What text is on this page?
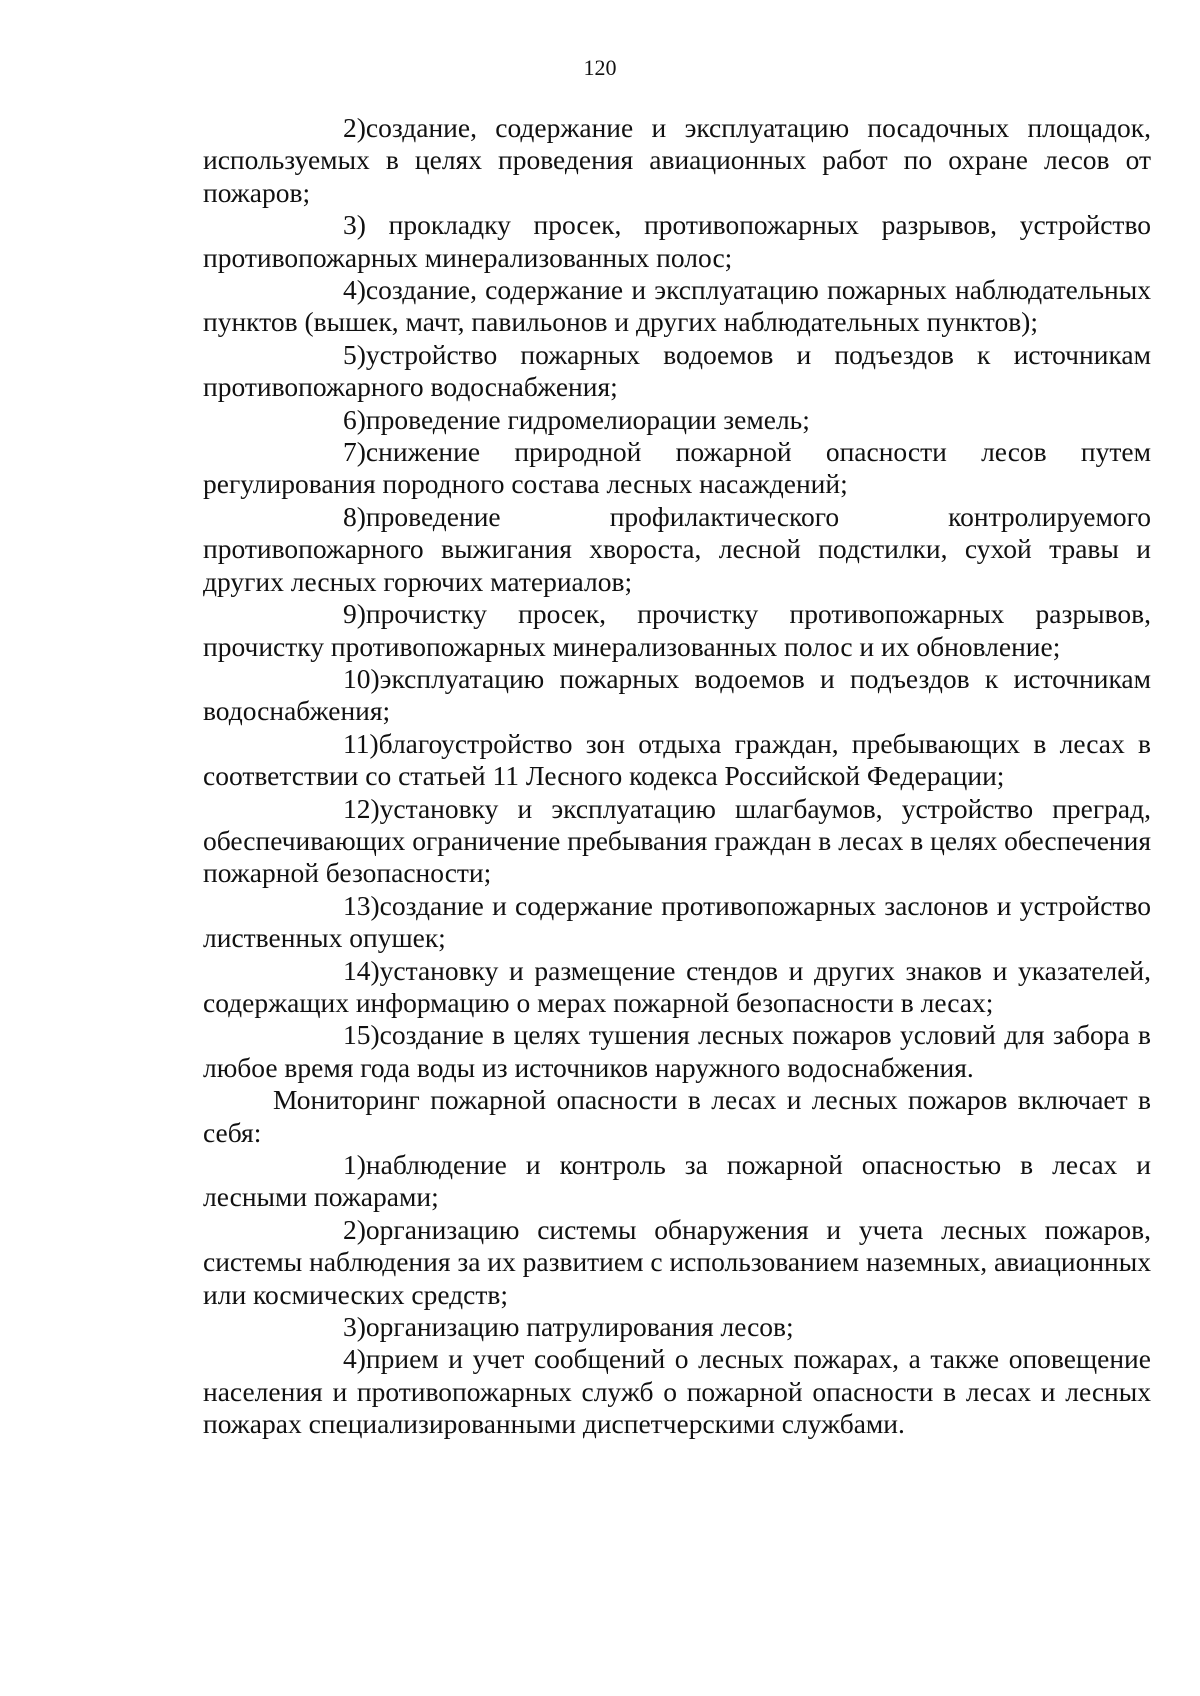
120

2)создание, содержание и эксплуатацию посадочных площадок, используемых в целях проведения авиационных работ по охране лесов от пожаров;

3) прокладку просек, противопожарных разрывов, устройство противопожарных минерализованных полос;

4)создание, содержание и эксплуатацию пожарных наблюдательных пунктов (вышек, мачт, павильонов и других наблюдательных пунктов);

5)устройство пожарных водоемов и подъездов к источникам противопожарного водоснабжения;

6)проведение гидромелиорации земель;

7)снижение природной пожарной опасности лесов путем регулирования породного состава лесных насаждений;

8)проведение профилактического контролируемого противопожарного выжигания хвороста, лесной подстилки, сухой травы и других лесных горючих материалов;

9)прочистку просек, прочистку противопожарных разрывов, прочистку противопожарных минерализованных полос и их обновление;

10)эксплуатацию пожарных водоемов и подъездов к источникам водоснабжения;

11)благоустройство зон отдыха граждан, пребывающих в лесах в соответствии со статьей 11 Лесного кодекса Российской Федерации;

12)установку и эксплуатацию шлагбаумов, устройство преград, обеспечивающих ограничение пребывания граждан в лесах в целях обеспечения пожарной безопасности;

13)создание и содержание противопожарных заслонов и устройство лиственных опушек;

14)установку и размещение стендов и других знаков и указателей, содержащих информацию о мерах пожарной безопасности в лесах;

15)создание в целях тушения лесных пожаров условий для забора в любое время года воды из источников наружного водоснабжения.

Мониторинг пожарной опасности в лесах и лесных пожаров включает в себя:

1)наблюдение и контроль за пожарной опасностью в лесах и лесными пожарами;

2)организацию системы обнаружения и учета лесных пожаров, системы наблюдения за их развитием с использованием наземных, авиационных или космических средств;

3)организацию патрулирования лесов;

4)прием и учет сообщений о лесных пожарах, а также оповещение населения и противопожарных служб о пожарной опасности в лесах и лесных пожарах специализированными диспетчерскими службами.
